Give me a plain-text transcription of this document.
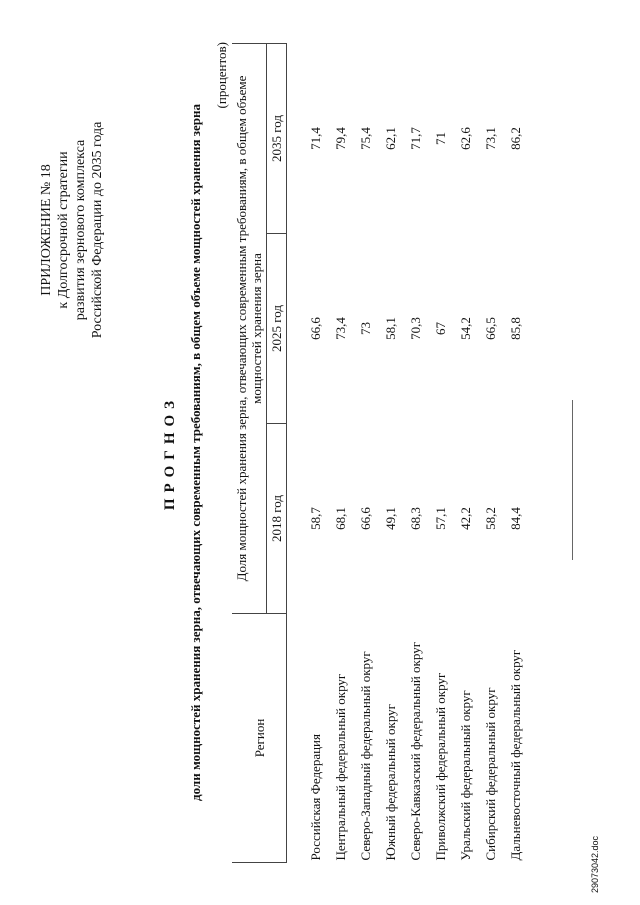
ПРИЛОЖЕНИЕ № 18 к Долгосрочной стратегии развития зернового комплекса Российской Федерации до 2035 года
ПРОГНОЗ доли мощностей хранения зерна, отвечающих современным требованиям, в общем объеме мощностей хранения зерна
(процентов)
Регион	Доля мощностей хранения зерна, отвечающих современным требованиям, в общем объеме мощностей хранения зерна		
	2018 год	2025 год	2035 год
Российская Федерация	58,7	66,6	71,4
Центральный федеральный округ	68,1	73,4	79,4
Северо-Западный федеральный округ	66,6	73	75,4
Южный федеральный округ	49,1	58,1	62,1
Северо-Кавказский федеральный округ	68,3	70,3	71,7
Приволжский федеральный округ	57,1	67	71
Уральский федеральный округ	42,2	54,2	62,6
Сибирский федеральный округ	58,2	66,5	73,1
Дальневосточный федеральный округ	84,4	85,8	86,2
29073042.doc
